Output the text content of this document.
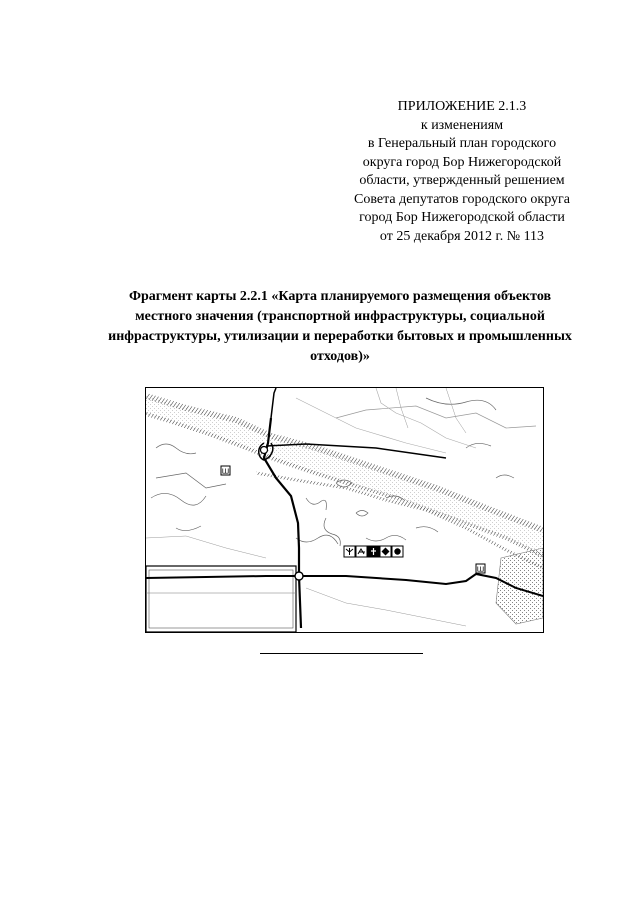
ПРИЛОЖЕНИЕ 2.1.3
к изменениям
в Генеральный план городского
округа город Бор Нижегородской
области, утвержденный решением
Совета депутатов городского округа
город Бор Нижегородской области
от 25 декабря 2012 г. № 113
Фрагмент карты 2.2.1 «Карта планируемого размещения объектов
местного значения (транспортной инфраструктуры, социальной
инфраструктуры, утилизации и переработки бытовых и промышленных
отходов)»
Ш
Ш
